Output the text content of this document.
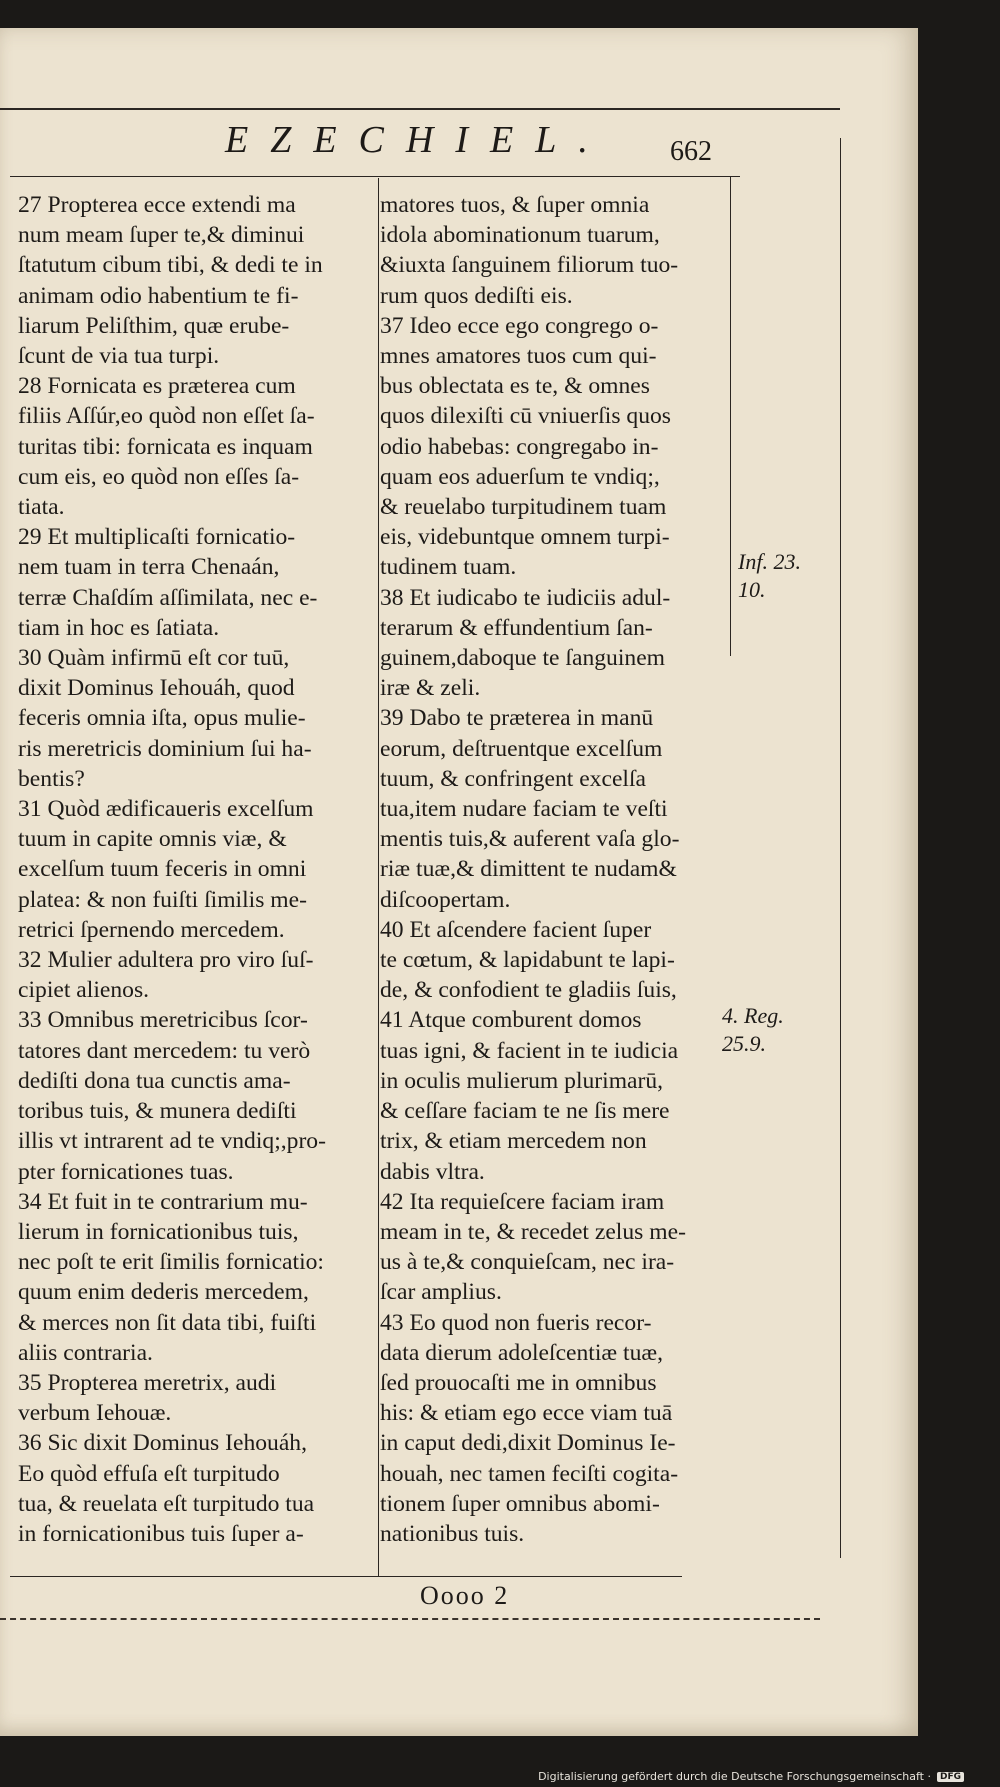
EZECHIEL. 662
27 Propterea ecce extendi ma
num meam ſuper te,& diminui
ſtatutum cibum tibi, & dedi te in
animam odio habentium te fi-
liarum Peliſthim, quæ erube-
ſcunt de via tua turpi.
28 Fornicata es præterea cum
filiis Aſſúr,eo quòd non eſſet ſa-
turitas tibi: fornicata es inquam
cum eis, eo quòd non eſſes ſa-
tiata.
29 Et multiplicaſti fornicatio-
nem tuam in terra Chenaán,
terræ Chaſdím aſſimilata, nec e-
tiam in hoc es ſatiata.
30 Quàm infirmū eſt cor tuū,
dixit Dominus Iehouáh, quod
feceris omnia iſta, opus mulie-
ris meretricis dominium ſui ha-
bentis?
31 Quòd ædificaueris excelſum
tuum in capite omnis viæ, &
excelſum tuum feceris in omni
platea: & non fuiſti ſimilis me-
retrici ſpernendo mercedem.
32 Mulier adultera pro viro ſuſ-
cipiet alienos.
33 Omnibus meretricibus ſcor-
tatores dant mercedem: tu verò
dediſti dona tua cunctis ama-
toribus tuis, & munera dediſti
illis vt intrarent ad te vndiq;,pro-
pter fornicationes tuas.
34 Et fuit in te contrarium mu-
lierum in fornicationibus tuis,
nec poſt te erit ſimilis fornicatio:
quum enim dederis mercedem,
& merces non ſit data tibi, fuiſti
aliis contraria.
35 Propterea meretrix, audi
verbum Iehouæ.
36 Sic dixit Dominus Iehouáh,
Eo quòd effuſa eſt turpitudo
tua, & reuelata eſt turpitudo tua
in fornicationibus tuis ſuper a-
matores tuos, & ſuper omnia
idola abominationum tuarum,
&iuxta ſanguinem filiorum tuo-
rum quos dediſti eis.
37 Ideo ecce ego congrego o-
mnes amatores tuos cum qui-
bus oblectata es te, & omnes
quos dilexiſti cū vniuerſis quos
odio habebas: congregabo in-
quam eos aduerſum te vndiq;,
& reuelabo turpitudinem tuam
eis, videbuntque omnem turpi-
tudinem tuam.
38 Et iudicabo te iudiciis adul-
terarum & effundentium ſan-
guinem,daboque te ſanguinem
iræ & zeli.
39 Dabo te præterea in manū
eorum, deſtruentque excelſum
tuum, & confringent excelſa
tua,item nudare faciam te veſti
mentis tuis,& auferent vaſa glo-
riæ tuæ,& dimittent te nudam&
diſcoopertam.
40 Et aſcendere facient ſuper
te cœtum, & lapidabunt te lapi-
de, & confodient te gladiis ſuis,
41 Atque comburent domos
tuas igni, & facient in te iudicia
in oculis mulierum plurimarū,
& ceſſare faciam te ne ſis mere
trix, & etiam mercedem non
dabis vltra.
42 Ita requieſcere faciam iram
meam in te, & recedet zelus me-
us à te,& conquieſcam, nec ira-
ſcar amplius.
43 Eo quod non fueris recor-
data dierum adoleſcentiæ tuæ,
ſed prouocaſti me in omnibus
his: & etiam ego ecce viam tuā
in caput dedi,dixit Dominus Ie-
houah, nec tamen feciſti cogita-
tionem ſuper omnibus abomi-
nationibus tuis.
Inf. 23.
10.
4. Reg.
25.9.
Oooo 2
Digitalisierung gefördert durch die Deutsche Forschungsgemeinschaft ·	DFG
